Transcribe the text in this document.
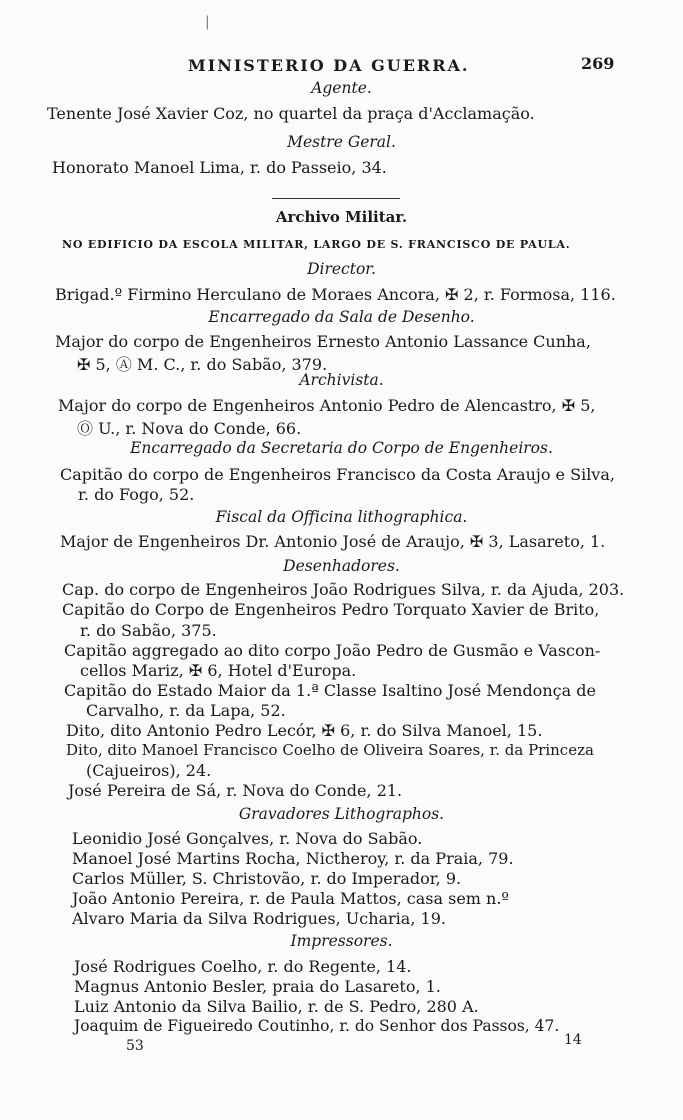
|
MINISTERIO DA GUERRA.	269
Agente.
Tenente José Xavier Coz, no quartel da praça d'Acclamação.
Mestre Geral.
Honorato Manoel Lima, r. do Passeio, 34.
Archivo Militar.
NO EDIFICIO DA ESCOLA MILITAR, LARGO DE S. FRANCISCO DE PAULA.
Director.
Brigad.º Firmino Herculano de Moraes Ancora, ✠ 2, r. Formosa, 116.
Encarregado da Sala de Desenho.
Major do corpo de Engenheiros Ernesto Antonio Lassance Cunha,
✠ 5, Ⓐ M. C., r. do Sabão, 379.
Archivista.
Major do corpo de Engenheiros Antonio Pedro de Alencastro, ✠ 5,
Ⓞ U., r. Nova do Conde, 66.
Encarregado da Secretaria do Corpo de Engenheiros.
Capitão do corpo de Engenheiros Francisco da Costa Araujo e Silva,
r. do Fogo, 52.
Fiscal da Officina lithographica.
Major de Engenheiros Dr. Antonio José de Araujo, ✠ 3, Lasareto, 1.
Desenhadores.
Cap. do corpo de Engenheiros João Rodrigues Silva, r. da Ajuda, 203.
Capitão do Corpo de Engenheiros Pedro Torquato Xavier de Brito,
r. do Sabão, 375.
Capitão aggregado ao dito corpo João Pedro de Gusmão e Vascon-
cellos Mariz, ✠ 6, Hotel d'Europa.
Capitão do Estado Maior da 1.ª Classe Isaltino José Mendonça de
Carvalho, r. da Lapa, 52.
Dito, dito Antonio Pedro Lecór, ✠ 6, r. do Silva Manoel, 15.
Dito, dito Manoel Francisco Coelho de Oliveira Soares, r. da Princeza
(Cajueiros), 24.
José Pereira de Sá, r. Nova do Conde, 21.
Gravadores Lithographos.
Leonidio José Gonçalves, r. Nova do Sabão.
Manoel José Martins Rocha, Nictheroy, r. da Praia, 79.
Carlos Müller, S. Christovão, r. do Imperador, 9.
João Antonio Pereira, r. de Paula Mattos, casa sem n.º
Alvaro Maria da Silva Rodrigues, Ucharia, 19.
Impressores.
José Rodrigues Coelho, r. do Regente, 14.
Magnus Antonio Besler, praia do Lasareto, 1.
Luiz Antonio da Silva Bailio, r. de S. Pedro, 280 A.
Joaquim de Figueiredo Coutinho, r. do Senhor dos Passos, 47.
53	14
